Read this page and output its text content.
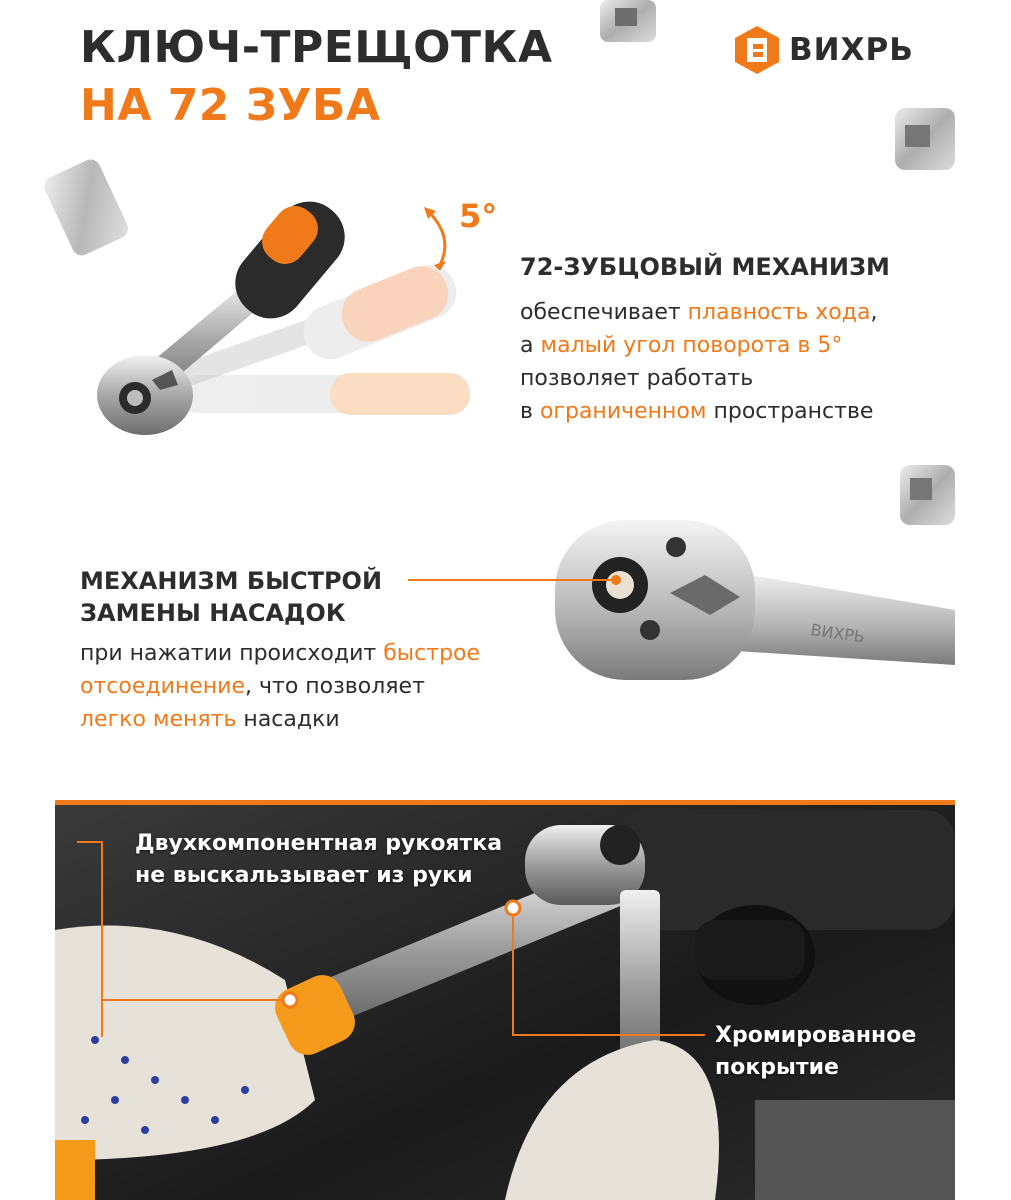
КЛЮЧ-ТРЕЩОТКА
НА 72 ЗУБА
ВИХРЬ
5°
72-ЗУБЦОВЫЙ МЕХАНИЗМ
обеспечивает плавность хода,
а малый угол поворота в 5°
позволяет работать
в ограниченном пространстве
ВИХРЬ
МЕХАНИЗМ БЫСТРОЙ
ЗАМЕНЫ НАСАДОК
при нажатии происходит быстрое
отсоединение, что позволяет
легко менять насадки
Двухкомпонентная рукоятка
не выскальзывает из руки
Хромированное
покрытие
